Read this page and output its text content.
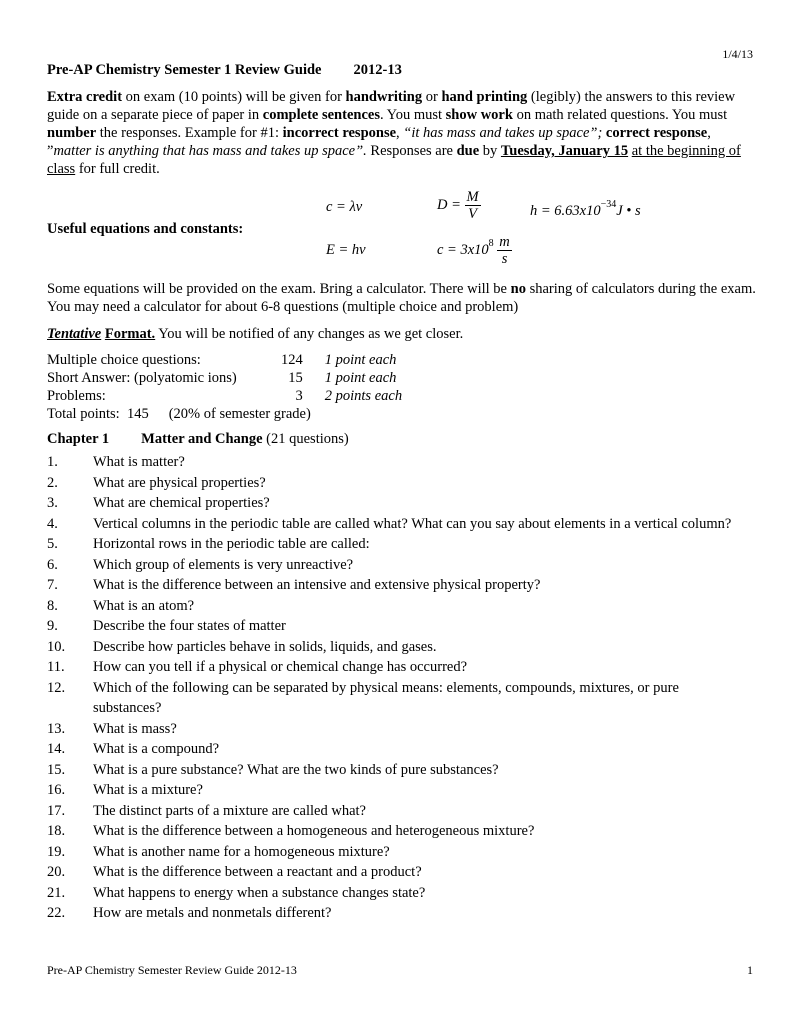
1/4/13
Pre-AP Chemistry Semester 1 Review Guide 2012-13

Extra credit on exam (10 points) will be given for handwriting or hand printing (legibly) the answers to this review guide on a separate piece of paper in complete sentences. You must show work on math related questions. You must number the responses. Example for #1: incorrect response, “it has mass and takes up space”; correct response, ”matter is anything that has mass and takes up space”. Responses are due by Tuesday, January 15 at the beginning of class for full credit.

c = λν	$D = \frac{M}{V}$	$h = 6.63x10^{-34}J$ • s
Useful equations and constants:
E = hν	$c = 3x10^8 \frac{m}{s}$
Some equations will be provided on the exam. Bring a calculator. There will be no sharing of calculators during the exam. You may need a calculator for about 6-8 questions (multiple choice and problem)
Tentative Format. You will be notified of any changes as we get closer.
Multiple choice questions:	124	1 point each
Short Answer: (polyatomic ions)	15	1 point each
Problems:	3	2 points each
Total points: 145 (20% of semester grade)
Chapter 1 Matter and Change (21 questions)
1. What is matter?
2. What are physical properties?
3. What are chemical properties?
4. Vertical columns in the periodic table are called what? What can you say about elements in a vertical column?
5. Horizontal rows in the periodic table are called:
6. Which group of elements is very unreactive?
7. What is the difference between an intensive and extensive physical property?
8. What is an atom?
9. Describe the four states of matter
10. Describe how particles behave in solids, liquids, and gases.
11. How can you tell if a physical or chemical change has occurred?
12. Which of the following can be separated by physical means: elements, compounds, mixtures, or pure substances?
13. What is mass?
14. What is a compound?
15. What is a pure substance? What are the two kinds of pure substances?
16. What is a mixture?
17. The distinct parts of a mixture are called what?
18. What is the difference between a homogeneous and heterogeneous mixture?
19. What is another name for a homogeneous mixture?
20. What is the difference between a reactant and a product?
21. What happens to energy when a substance changes state?
22. How are metals and nonmetals different?
Pre-AP Chemistry Semester Review Guide 2012-13	1
